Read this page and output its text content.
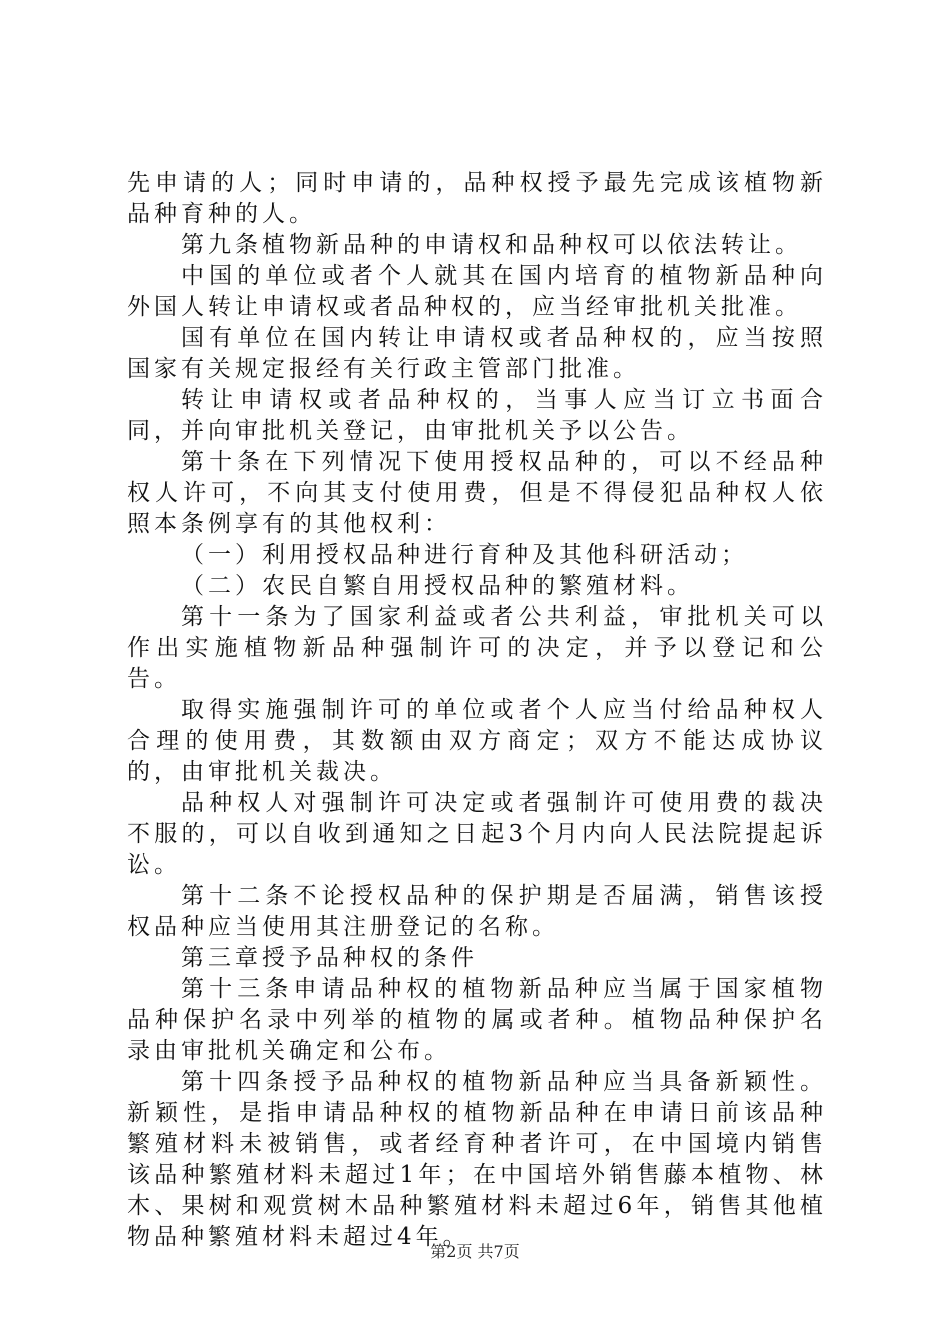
先申请的人；同时申请的，品种权授予最先完成该植物新品种育种的人。

第九条植物新品种的申请权和品种权可以依法转让。

中国的单位或者个人就其在国内培育的植物新品种向外国人转让申请权或者品种权的，应当经审批机关批准。

国有单位在国内转让申请权或者品种权的，应当按照国家有关规定报经有关行政主管部门批准。

转让申请权或者品种权的，当事人应当订立书面合同，并向审批机关登记，由审批机关予以公告。

第十条在下列情况下使用授权品种的，可以不经品种权人许可，不向其支付使用费，但是不得侵犯品种权人依照本条例享有的其他权利：

（一）利用授权品种进行育种及其他科研活动；

（二）农民自繁自用授权品种的繁殖材料。

第十一条为了国家利益或者公共利益，审批机关可以作出实施植物新品种强制许可的决定，并予以登记和公告。

取得实施强制许可的单位或者个人应当付给品种权人合理的使用费，其数额由双方商定；双方不能达成协议的，由审批机关裁决。

品种权人对强制许可决定或者强制许可使用费的裁决不服的，可以自收到通知之日起3个月内向人民法院提起诉讼。

第十二条不论授权品种的保护期是否届满，销售该授权品种应当使用其注册登记的名称。

第三章授予品种权的条件

第十三条申请品种权的植物新品种应当属于国家植物品种保护名录中列举的植物的属或者种。植物品种保护名录由审批机关确定和公布。

第十四条授予品种权的植物新品种应当具备新颖性。新颖性，是指申请品种权的植物新品种在申请日前该品种繁殖材料未被销售，或者经育种者许可，在中国境内销售该品种繁殖材料未超过1年；在中国培外销售藤本植物、林木、果树和观赏树木品种繁殖材料未超过6年，销售其他植物品种繁殖材料未超过4年。

第2页 共7页
